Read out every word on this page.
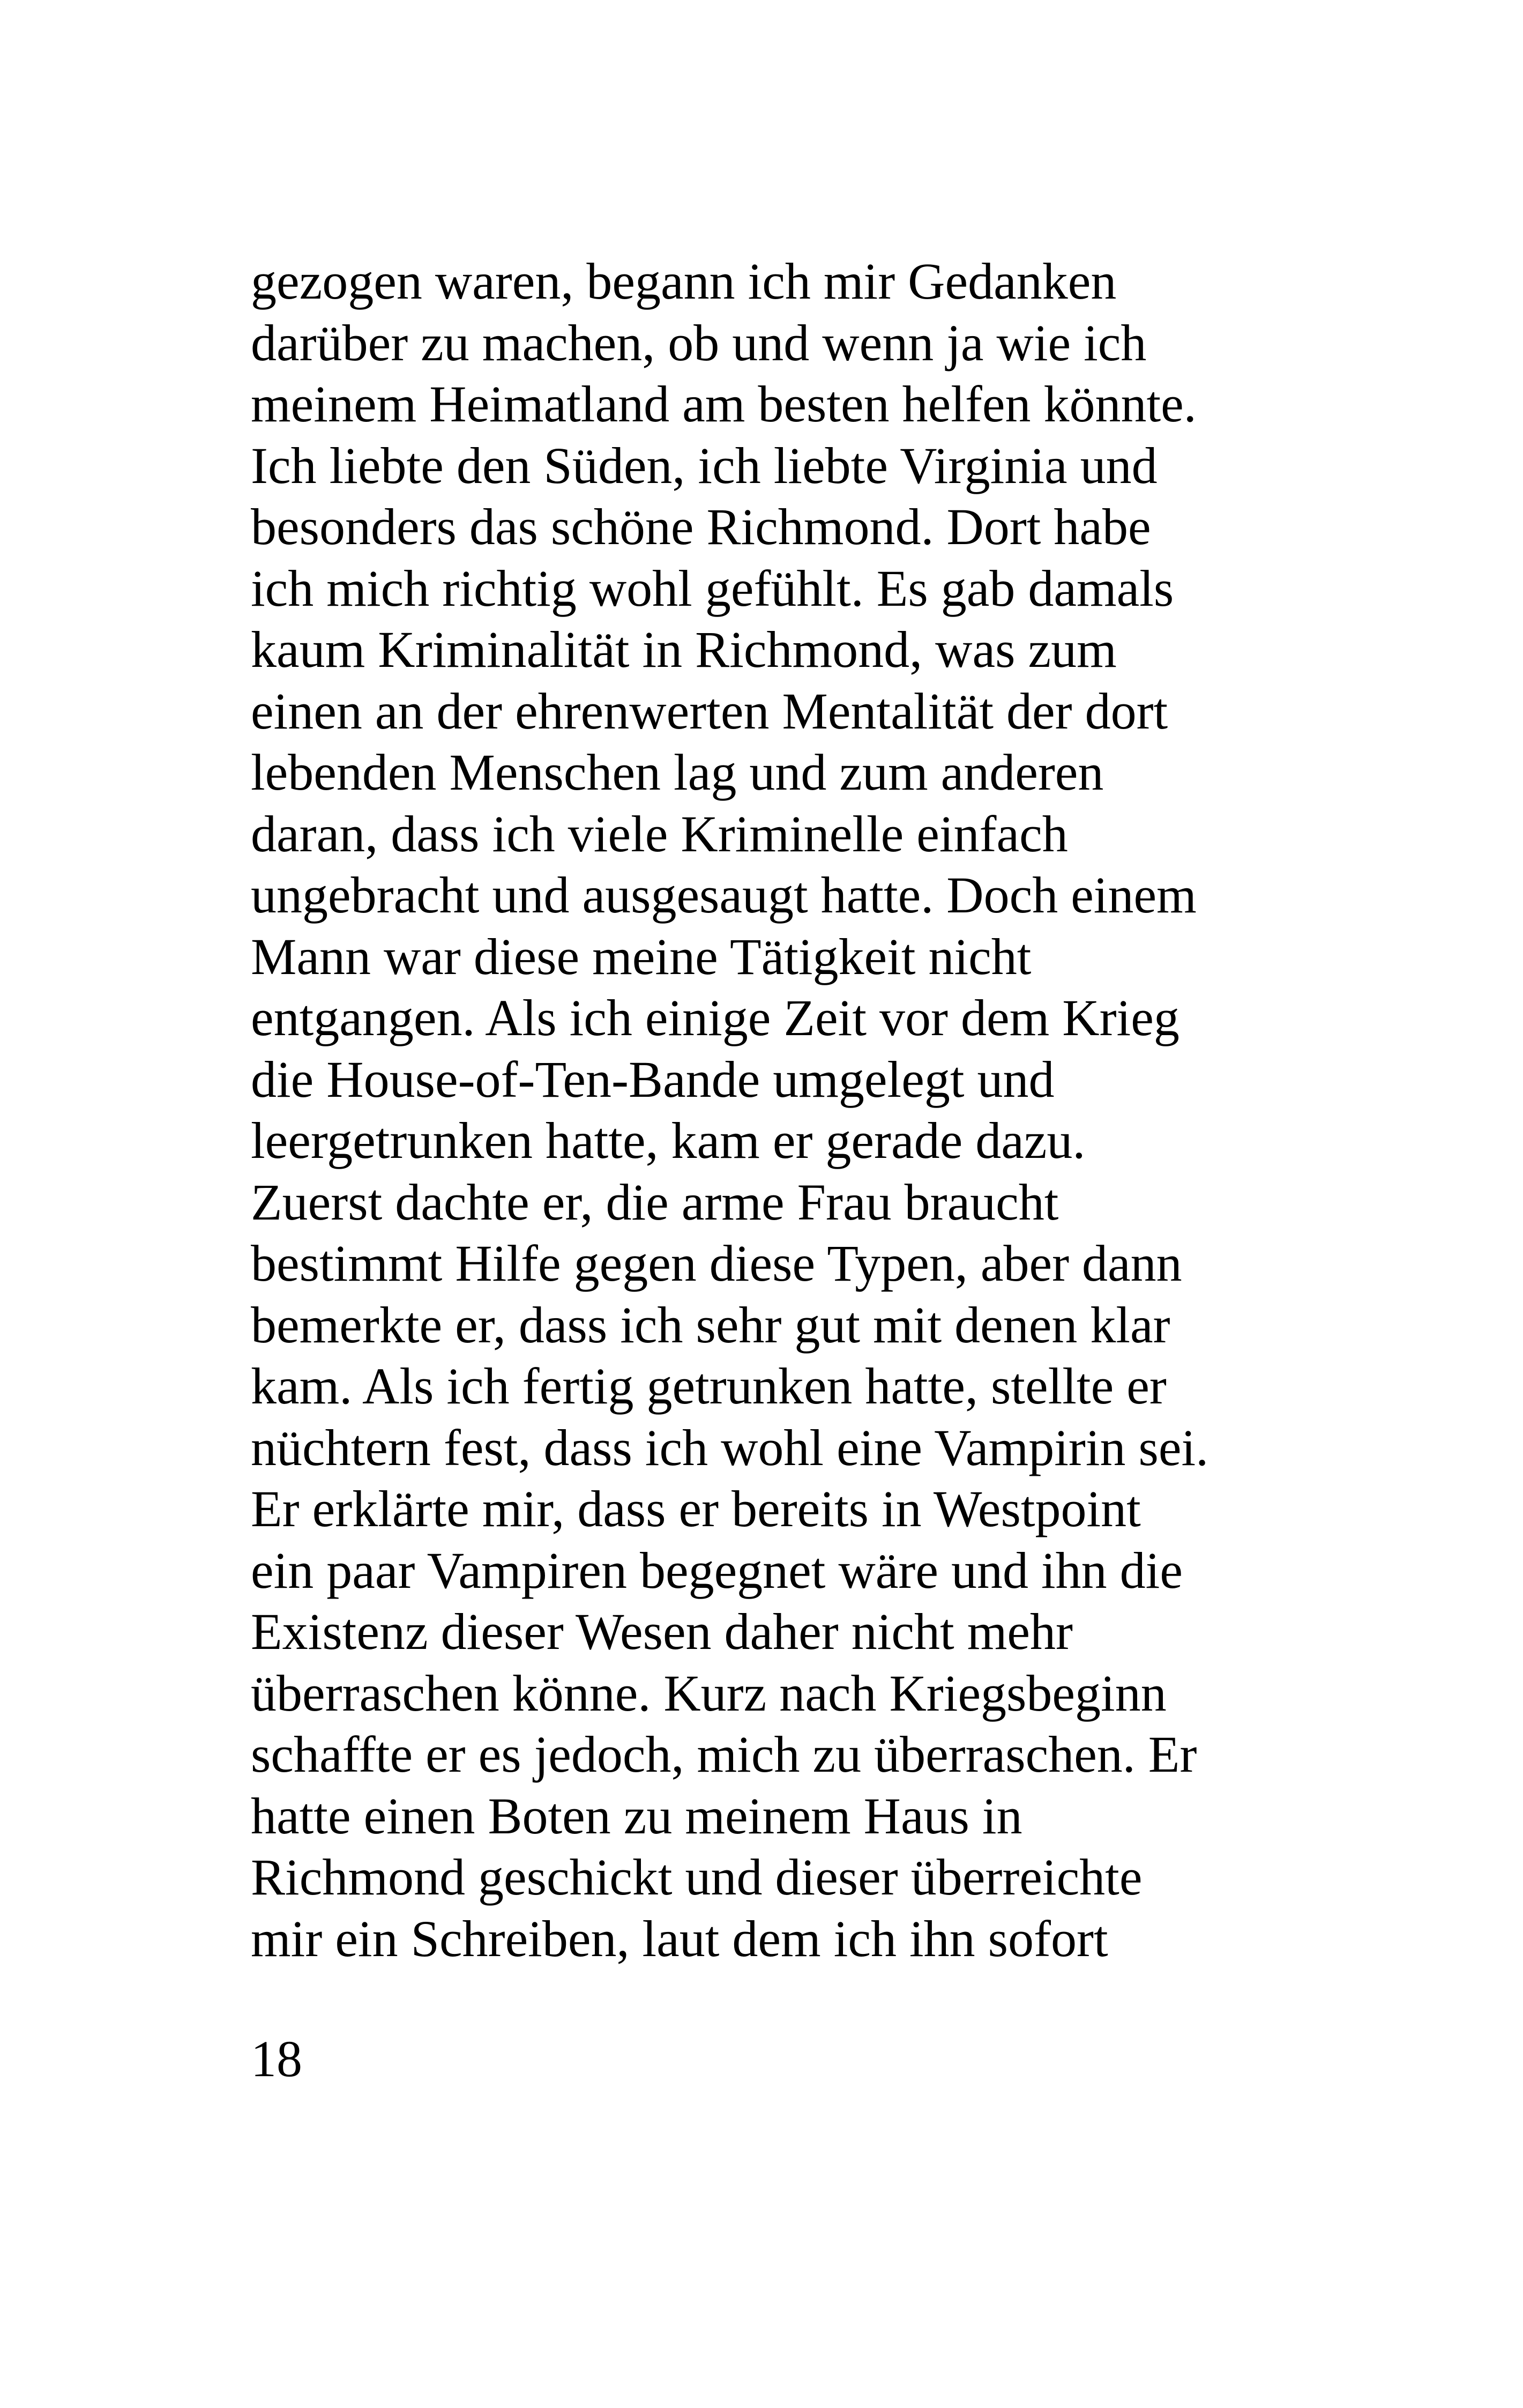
gezogen waren, begann ich mir Gedanken
darüber zu machen, ob und wenn ja wie ich
meinem Heimatland am besten helfen könnte.
Ich liebte den Süden, ich liebte Virginia und
besonders das schöne Richmond. Dort habe
ich mich richtig wohl gefühlt. Es gab damals
kaum Kriminalität in Richmond, was zum
einen an der ehrenwerten Mentalität der dort
lebenden Menschen lag und zum anderen
daran, dass ich viele Kriminelle einfach
ungebracht und ausgesaugt hatte. Doch einem
Mann war diese meine Tätigkeit nicht
entgangen. Als ich einige Zeit vor dem Krieg
die House-of-Ten-Bande umgelegt und
leergetrunken hatte, kam er gerade dazu.
Zuerst dachte er, die arme Frau braucht
bestimmt Hilfe gegen diese Typen, aber dann
bemerkte er, dass ich sehr gut mit denen klar
kam. Als ich fertig getrunken hatte, stellte er
nüchtern fest, dass ich wohl eine Vampirin sei.
Er erklärte mir, dass er bereits in Westpoint
ein paar Vampiren begegnet wäre und ihn die
Existenz dieser Wesen daher nicht mehr
überraschen könne. Kurz nach Kriegsbeginn
schaffte er es jedoch, mich zu überraschen. Er
hatte einen Boten zu meinem Haus in
Richmond geschickt und dieser überreichte
mir ein Schreiben, laut dem ich ihn sofort
18
